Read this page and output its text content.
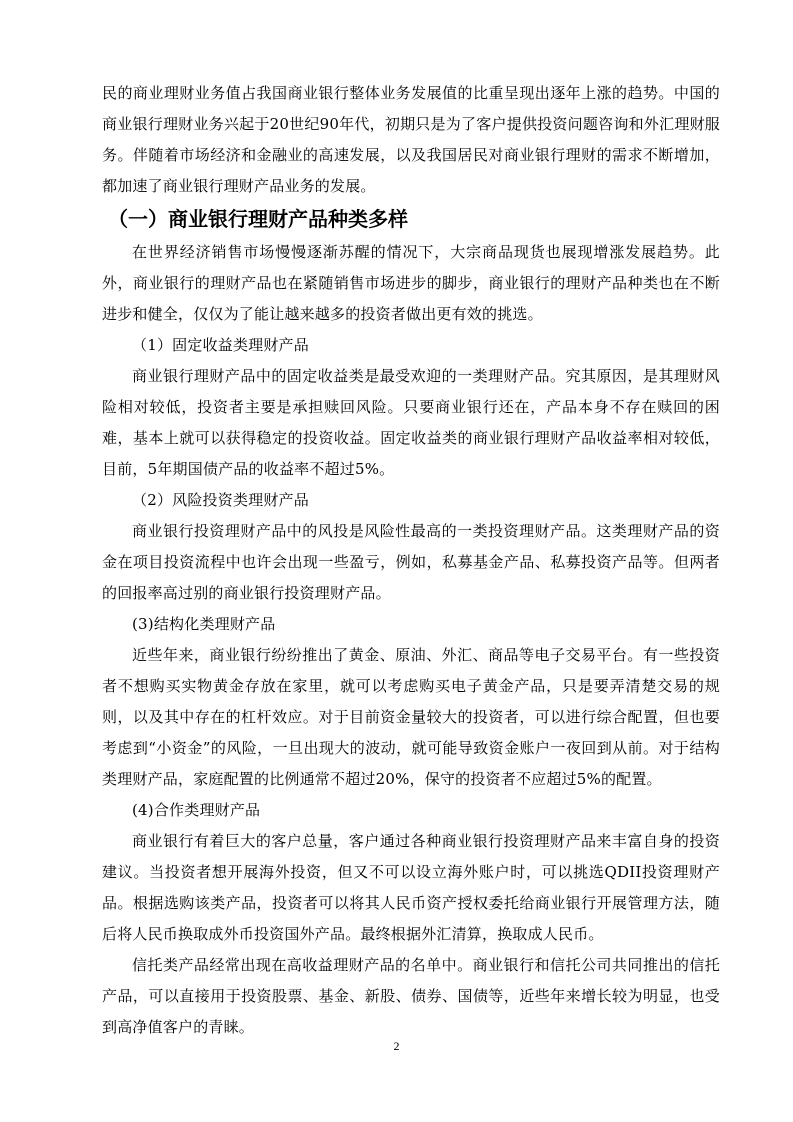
民的商业理财业务值占我国商业银行整体业务发展值的比重呈现出逐年上涨的趋势。中国的商业银行理财业务兴起于20世纪90年代，初期只是为了客户提供投资问题咨询和外汇理财服务。伴随着市场经济和金融业的高速发展，以及我国居民对商业银行理财的需求不断增加，都加速了商业银行理财产品业务的发展。

（一）商业银行理财产品种类多样

在世界经济销售市场慢慢逐渐苏醒的情况下，大宗商品现货也展现增涨发展趋势。此外，商业银行的理财产品也在紧随销售市场进步的脚步，商业银行的理财产品种类也在不断进步和健全，仅仅为了能让越来越多的投资者做出更有效的挑选。

（1）固定收益类理财产品

商业银行理财产品中的固定收益类是最受欢迎的一类理财产品。究其原因，是其理财风险相对较低，投资者主要是承担赎回风险。只要商业银行还在，产品本身不存在赎回的困难，基本上就可以获得稳定的投资收益。固定收益类的商业银行理财产品收益率相对较低，目前，5年期国债产品的收益率不超过5%。

（2）风险投资类理财产品

商业银行投资理财产品中的风投是风险性最高的一类投资理财产品。这类理财产品的资金在项目投资流程中也许会出现一些盈亏，例如，私募基金产品、私募投资产品等。但两者的回报率高过别的商业银行投资理财产品。

(3)结构化类理财产品

近些年来，商业银行纷纷推出了黄金、原油、外汇、商品等电子交易平台。有一些投资者不想购买实物黄金存放在家里，就可以考虑购买电子黄金产品，只是要弄清楚交易的规则，以及其中存在的杠杆效应。对于目前资金量较大的投资者，可以进行综合配置，但也要考虑到“小资金”的风险，一旦出现大的波动，就可能导致资金账户一夜回到从前。对于结构类理财产品，家庭配置的比例通常不超过20%，保守的投资者不应超过5%的配置。

(4)合作类理财产品

商业银行有着巨大的客户总量，客户通过各种商业银行投资理财产品来丰富自身的投资建议。当投资者想开展海外投资，但又不可以设立海外账户时，可以挑选QDII投资理财产品。根据选购该类产品，投资者可以将其人民币资产授权委托给商业银行开展管理方法，随后将人民币换取成外币投资国外产品。最终根据外汇清算，换取成人民币。

信托类产品经常出现在高收益理财产品的名单中。商业银行和信托公司共同推出的信托产品，可以直接用于投资股票、基金、新股、债券、国债等，近些年来增长较为明显，也受到高净值客户的青睐。

2
